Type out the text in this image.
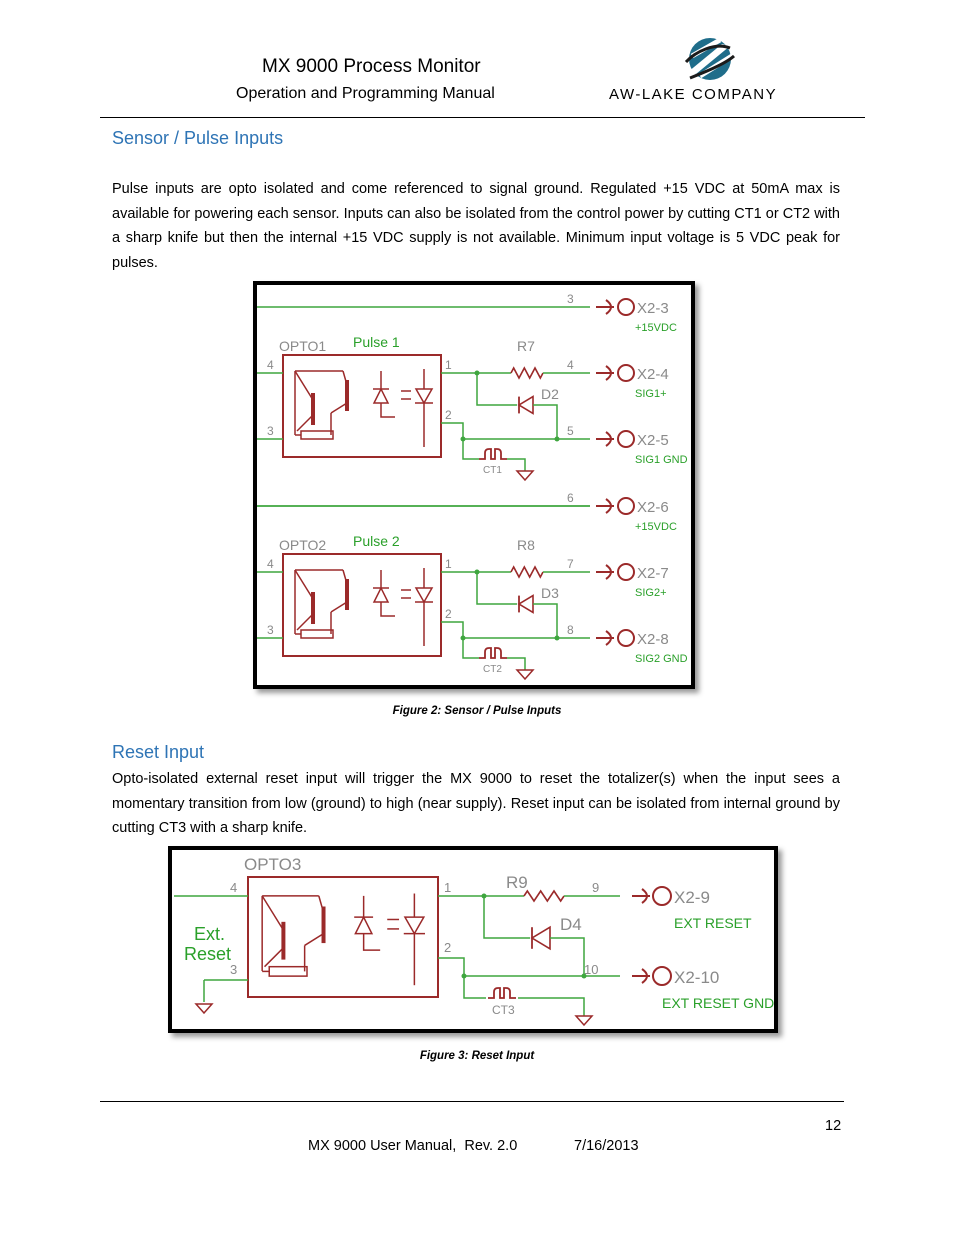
MX 9000 Process Monitor
Operation and Programming Manual	AW-LAKE COMPANY
Sensor / Pulse Inputs
Pulse inputs are opto isolated and come referenced to signal ground. Regulated +15 VDC at 50mA max is available for powering each sensor. Inputs can also be isolated from the control power by cutting CT1 or CT2 with a sharp knife but then the internal +15 VDC supply is not available. Minimum input voltage is 5 VDC peak for pulses.
3
X2-3
+15VDC
OPTO1 Pulse 1
4
3
1
2
R7
4
X2-4
SIG1+
D2
5
X2-5
SIG1 GND
CT1
6
X2-6
+15VDC
OPTO2 Pulse 2
4
3
1
2
R8
7
X2-7
SIG2+
D3
8
X2-8
SIG2 GND
CT2
Figure 2: Sensor / Pulse Inputs
Reset Input
Opto-isolated external reset input will trigger the MX 9000 to reset the totalizer(s) when the input sees a momentary transition from low (ground) to high (near supply). Reset input can be isolated from internal ground by cutting CT3 with a sharp knife.
OPTO3
4
3
1
2
Ext.
Reset
R9	9
X2-9
EXT RESET
D4
10	X2-10
EXT RESET GND
CT3
Figure 3: Reset Input
12
MX 9000 User Manual,  Rev. 2.0	7/16/2013
